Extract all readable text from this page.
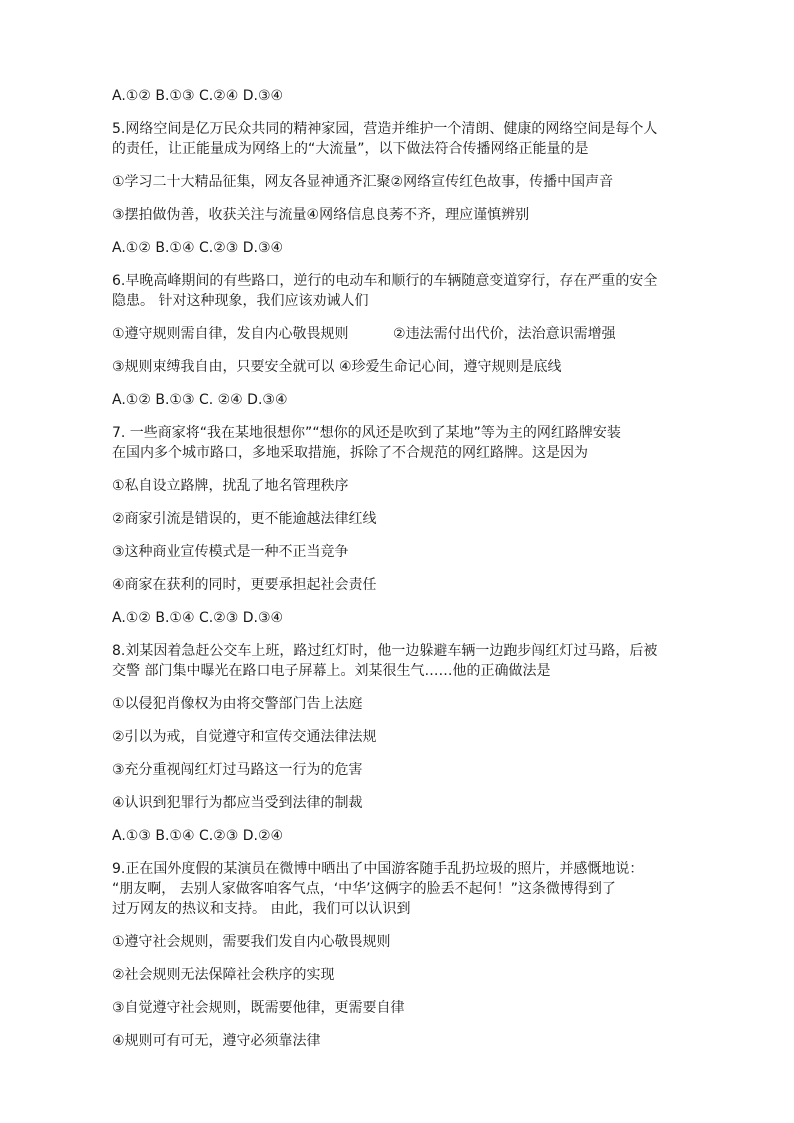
A.①② B.①③ C.②④ D.③④
5.网络空间是亿万民众共同的精神家园，营造并维护一个清朗、健康的网络空间是每个人
的责任，让正能量成为网络上的“大流量”，以下做法符合传播网络正能量的是
①学习二十大精品征集，网友各显神通齐汇聚②网络宣传红色故事，传播中国声音
③摆拍做伪善，收获关注与流量④网络信息良莠不齐，理应谨慎辨别
A.①② B.①④ C.②③ D.③④
6.早晚高峰期间的有些路口，逆行的电动车和顺行的车辆随意变道穿行，存在严重的安全
隐患。 针对这种现象，我们应该劝诫人们
①遵守规则需自律，发自内心敬畏规则          ②违法需付出代价，法治意识需增强
③规则束缚我自由，只要安全就可以 ④珍爱生命记心间，遵守规则是底线
A.①② B.①③ C. ②④ D.③④
7. 一些商家将“我在某地很想你”“想你的风还是吹到了某地”等为主的网红路牌安装
在国内多个城市路口，多地采取措施，拆除了不合规范的网红路牌。这是因为
①私自设立路牌，扰乱了地名管理秩序
②商家引流是错误的，更不能逾越法律红线
③这种商业宣传模式是一种不正当竞争
④商家在获利的同时，更要承担起社会责任
A.①② B.①④ C.②③ D.③④
8.刘某因着急赶公交车上班，路过红灯时，他一边躲避车辆一边跑步闯红灯过马路，后被
交警 部门集中曝光在路口电子屏幕上。刘某很生气……他的正确做法是
①以侵犯肖像权为由将交警部门告上法庭
②引以为戒，自觉遵守和宣传交通法律法规
③充分重视闯红灯过马路这一行为的危害
④认识到犯罪行为都应当受到法律的制裁
A.①③ B.①④ C.②③ D.②④
9.正在国外度假的某演员在微博中晒出了中国游客随手乱扔垃圾的照片，并感慨地说：
“朋友啊， 去别人家做客咱客气点，‘中华’这俩字的脸丢不起何！”这条微博得到了
过万网友的热议和支持。 由此，我们可以认识到
①遵守社会规则，需要我们发自内心敬畏规则
②社会规则无法保障社会秩序的实现
③自觉遵守社会规则，既需要他律，更需要自律
④规则可有可无，遵守必须靠法律
